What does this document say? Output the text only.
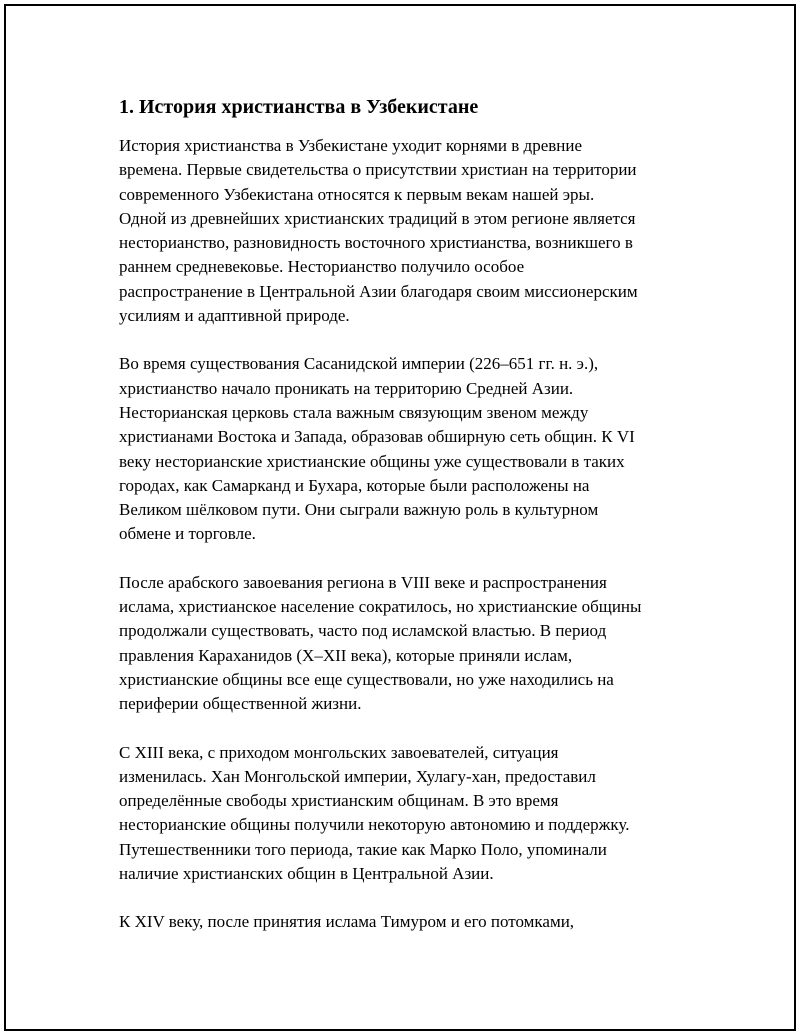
1. История христианства в Узбекистане

История христианства в Узбекистане уходит корнями в древние
времена. Первые свидетельства о присутствии христиан на территории
современного Узбекистана относятся к первым векам нашей эры.
Одной из древнейших христианских традиций в этом регионе является
несторианство, разновидность восточного христианства, возникшего в
раннем средневековье. Несторианство получило особое
распространение в Центральной Азии благодаря своим миссионерским
усилиям и адаптивной природе.

Во время существования Сасанидской империи (226–651 гг. н. э.),
христианство начало проникать на территорию Средней Азии.
Несторианская церковь стала важным связующим звеном между
христианами Востока и Запада, образовав обширную сеть общин. К VI
веку несторианские христианские общины уже существовали в таких
городах, как Самарканд и Бухара, которые были расположены на
Великом шёлковом пути. Они сыграли важную роль в культурном
обмене и торговле.

После арабского завоевания региона в VIII веке и распространения
ислама, христианское население сократилось, но христианские общины
продолжали существовать, часто под исламской властью. В период
правления Караханидов (X–XII века), которые приняли ислам,
христианские общины все еще существовали, но уже находились на
периферии общественной жизни.

С XIII века, с приходом монгольских завоевателей, ситуация
изменилась. Хан Монгольской империи, Хулагу-хан, предоставил
определённые свободы христианским общинам. В это время
несторианские общины получили некоторую автономию и поддержку.
Путешественники того периода, такие как Марко Поло, упоминали
наличие христианских общин в Центральной Азии.

К XIV веку, после принятия ислама Тимуром и его потомками,
